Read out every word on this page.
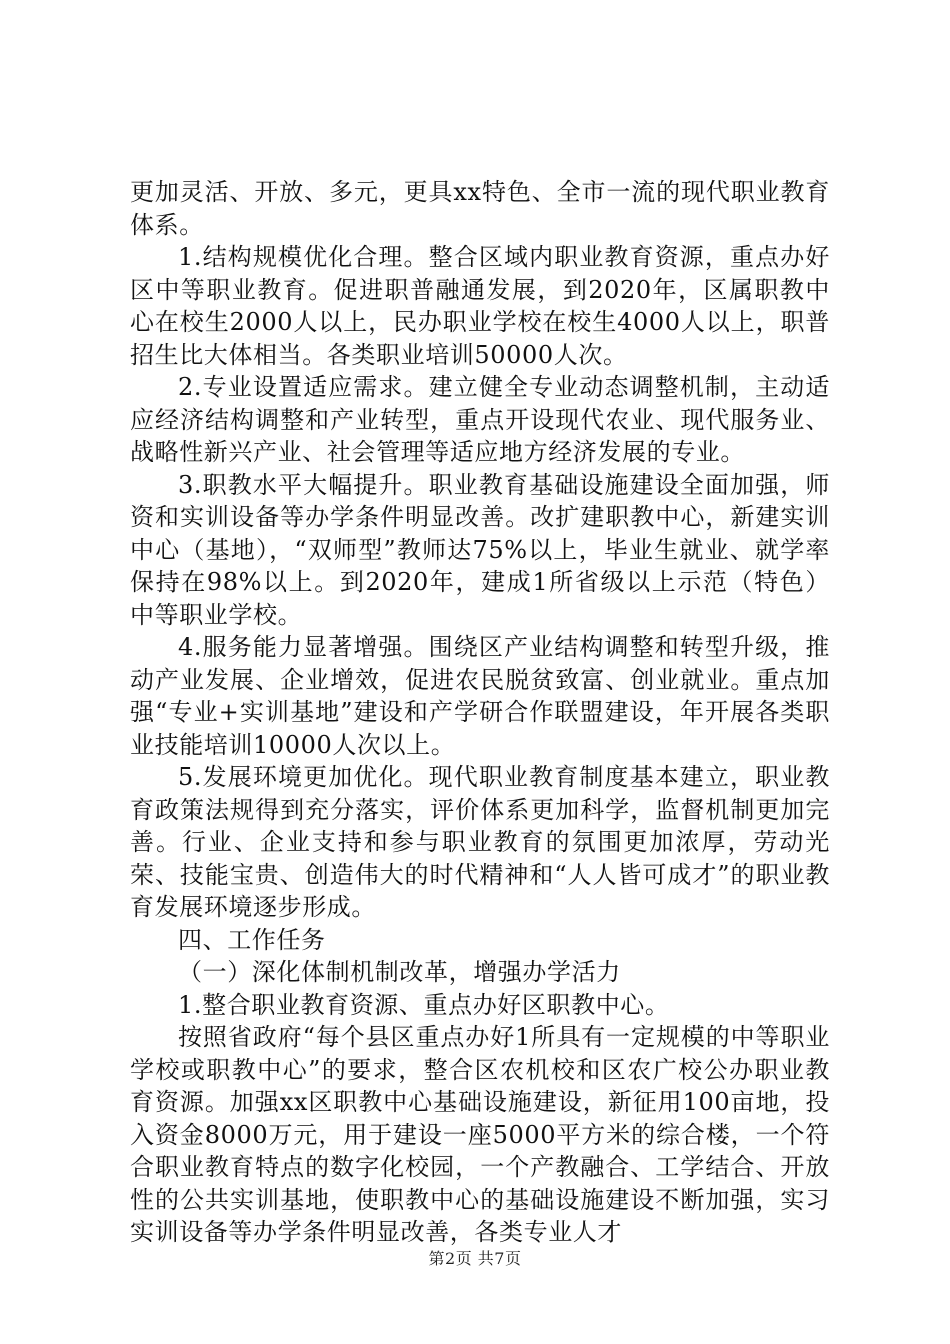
更加灵活、开放、多元，更具xx特色、全市一流的现代职业教育体系。

1.结构规模优化合理。整合区域内职业教育资源，重点办好区中等职业教育。促进职普融通发展，到2020年，区属职教中心在校生2000人以上，民办职业学校在校生4000人以上，职普招生比大体相当。各类职业培训50000人次。

2.专业设置适应需求。建立健全专业动态调整机制，主动适应经济结构调整和产业转型，重点开设现代农业、现代服务业、战略性新兴产业、社会管理等适应地方经济发展的专业。

3.职教水平大幅提升。职业教育基础设施建设全面加强，师资和实训设备等办学条件明显改善。改扩建职教中心，新建实训中心（基地），“双师型”教师达75%以上，毕业生就业、就学率保持在98%以上。到2020年，建成1所省级以上示范（特色）中等职业学校。

4.服务能力显著增强。围绕区产业结构调整和转型升级，推动产业发展、企业增效，促进农民脱贫致富、创业就业。重点加强“专业+实训基地”建设和产学研合作联盟建设，年开展各类职业技能培训10000人次以上。

5.发展环境更加优化。现代职业教育制度基本建立，职业教育政策法规得到充分落实，评价体系更加科学，监督机制更加完善。行业、企业支持和参与职业教育的氛围更加浓厚，劳动光荣、技能宝贵、创造伟大的时代精神和“人人皆可成才”的职业教育发展环境逐步形成。

四、工作任务

（一）深化体制机制改革，增强办学活力

1.整合职业教育资源、重点办好区职教中心。

按照省政府“每个县区重点办好1所具有一定规模的中等职业学校或职教中心”的要求，整合区农机校和区农广校公办职业教育资源。加强xx区职教中心基础设施建设，新征用100亩地，投入资金8000万元，用于建设一座5000平方米的综合楼，一个符合职业教育特点的数字化校园，一个产教融合、工学结合、开放性的公共实训基地，使职教中心的基础设施建设不断加强，实习实训设备等办学条件明显改善，各类专业人才

第2页 共7页
